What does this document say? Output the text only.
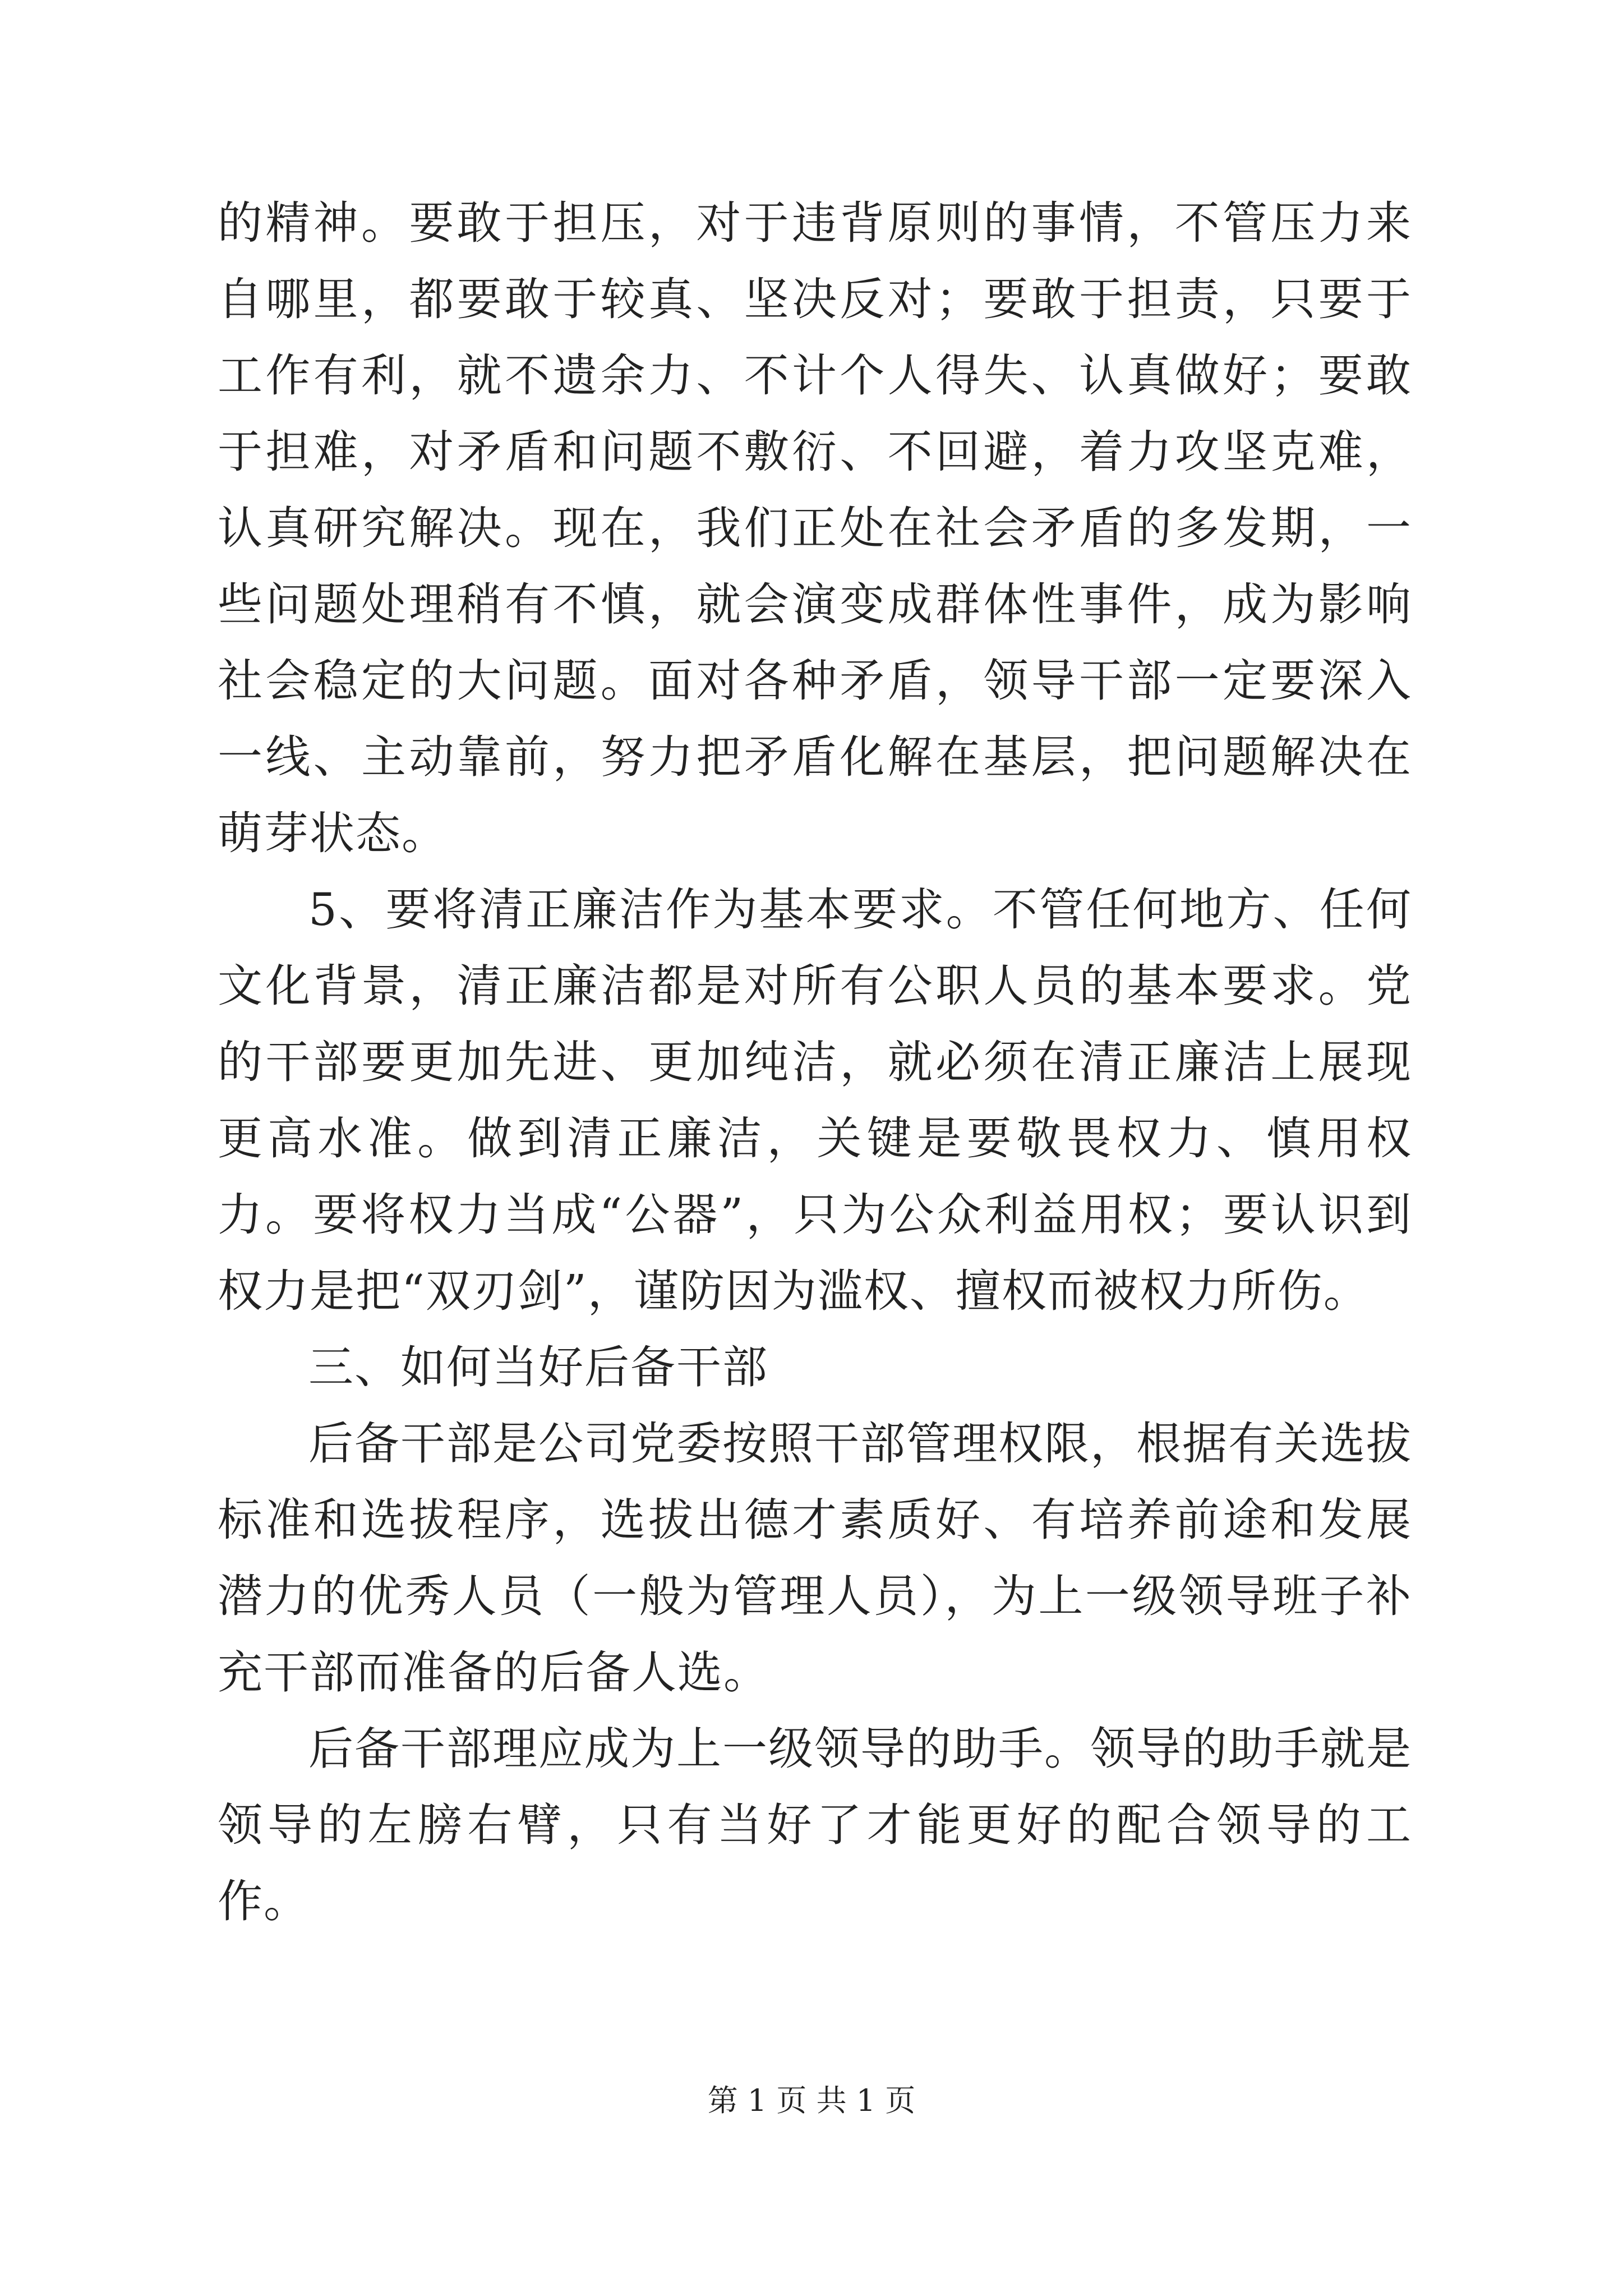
的精神。要敢于担压，对于违背原则的事情，不管压力来自哪里，都要敢于较真、坚决反对；要敢于担责，只要于工作有利，就不遗余力、不计个人得失、认真做好；要敢于担难，对矛盾和问题不敷衍、不回避，着力攻坚克难，认真研究解决。现在，我们正处在社会矛盾的多发期，一些问题处理稍有不慎，就会演变成群体性事件，成为影响社会稳定的大问题。面对各种矛盾，领导干部一定要深入一线、主动靠前，努力把矛盾化解在基层，把问题解决在萌芽状态。

5、要将清正廉洁作为基本要求。不管任何地方、任何文化背景，清正廉洁都是对所有公职人员的基本要求。党的干部要更加先进、更加纯洁，就必须在清正廉洁上展现更高水准。做到清正廉洁，关键是要敬畏权力、慎用权力。要将权力当成“公器”，只为公众利益用权；要认识到权力是把“双刃剑”，谨防因为滥权、擅权而被权力所伤。

三、如何当好后备干部

后备干部是公司党委按照干部管理权限，根据有关选拔标准和选拔程序，选拔出德才素质好、有培养前途和发展潜力的优秀人员（一般为管理人员），为上一级领导班子补充干部而准备的后备人选。

后备干部理应成为上一级领导的助手。领导的助手就是领导的左膀右臂，只有当好了才能更好的配合领导的工作。

第 1 页 共 1 页
